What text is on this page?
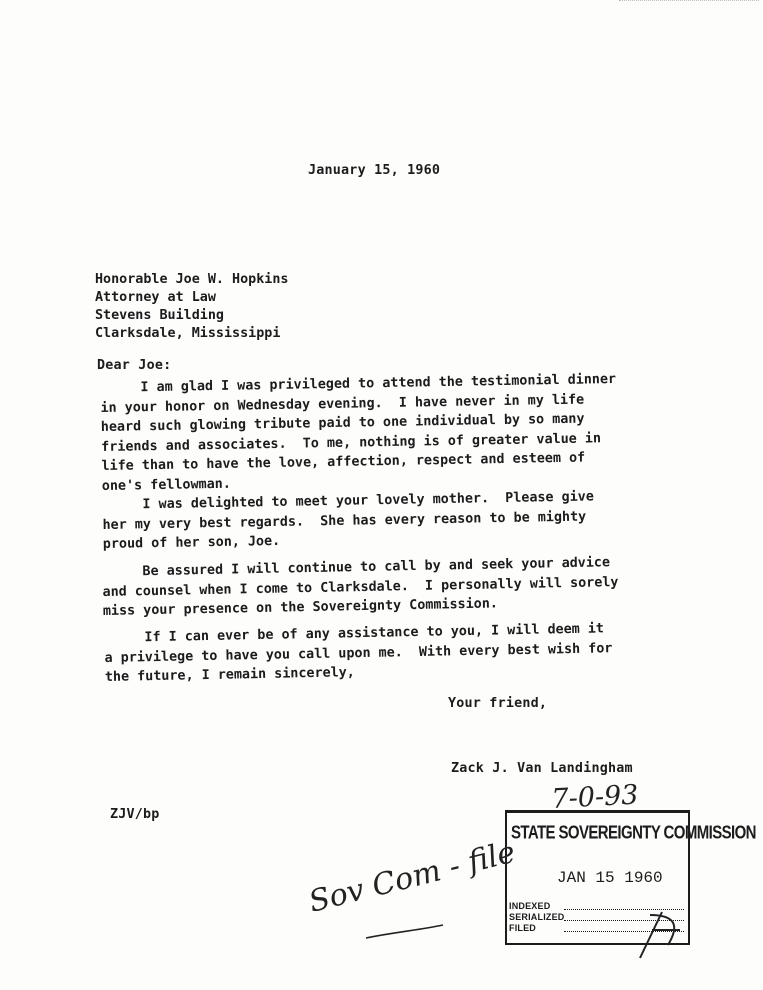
January 15, 1960
Honorable Joe W. Hopkins
Attorney at Law
Stevens Building
Clarksdale, Mississippi
Dear Joe:
I am glad I was privileged to attend the testimonial dinner
in your honor on Wednesday evening.  I have never in my life
heard such glowing tribute paid to one individual by so many
friends and associates.  To me, nothing is of greater value in
life than to have the love, affection, respect and esteem of
one's fellowman.
I was delighted to meet your lovely mother.  Please give
her my very best regards.  She has every reason to be mighty
proud of her son, Joe.
Be assured I will continue to call by and seek your advice
and counsel when I come to Clarksdale.  I personally will sorely
miss your presence on the Sovereignty Commission.
If I can ever be of any assistance to you, I will deem it
a privilege to have you call upon me.  With every best wish for
the future, I remain sincerely,
Your friend,
Zack J. Van Landingham
ZJV/bp
STATE SOVEREIGNTY COMMISSION
JAN 15 1960
INDEXED
SERIALIZED
FILED
7-0-93
Sov Com - file
